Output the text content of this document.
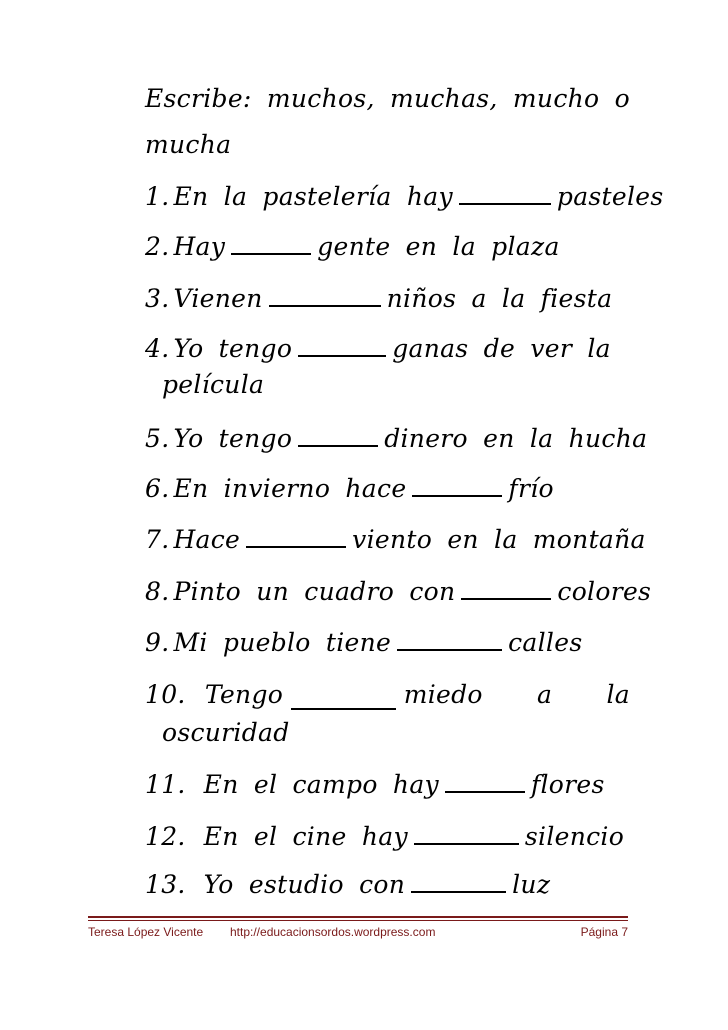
Escribe: muchos, muchas, mucho o
mucha
1. En la pastelería hay	pasteles
2. Hay	gente en la plaza
3. Vienen	niños a la fiesta
4. Yo tengo	ganas de ver la
película
5. Yo tengo	dinero en la hucha
6. En invierno hace	frío
7. Hace	viento en la montaña
8. Pinto un cuadro con	colores
9. Mi pueblo tiene	calles
10. Tengo	miedo a la
oscuridad
11. En el campo hay	flores
12. En el cine hay	silencio
13. Yo estudio con	luz
Teresa López Vicente	http://educacionsordos.wordpress.com	Página 7
